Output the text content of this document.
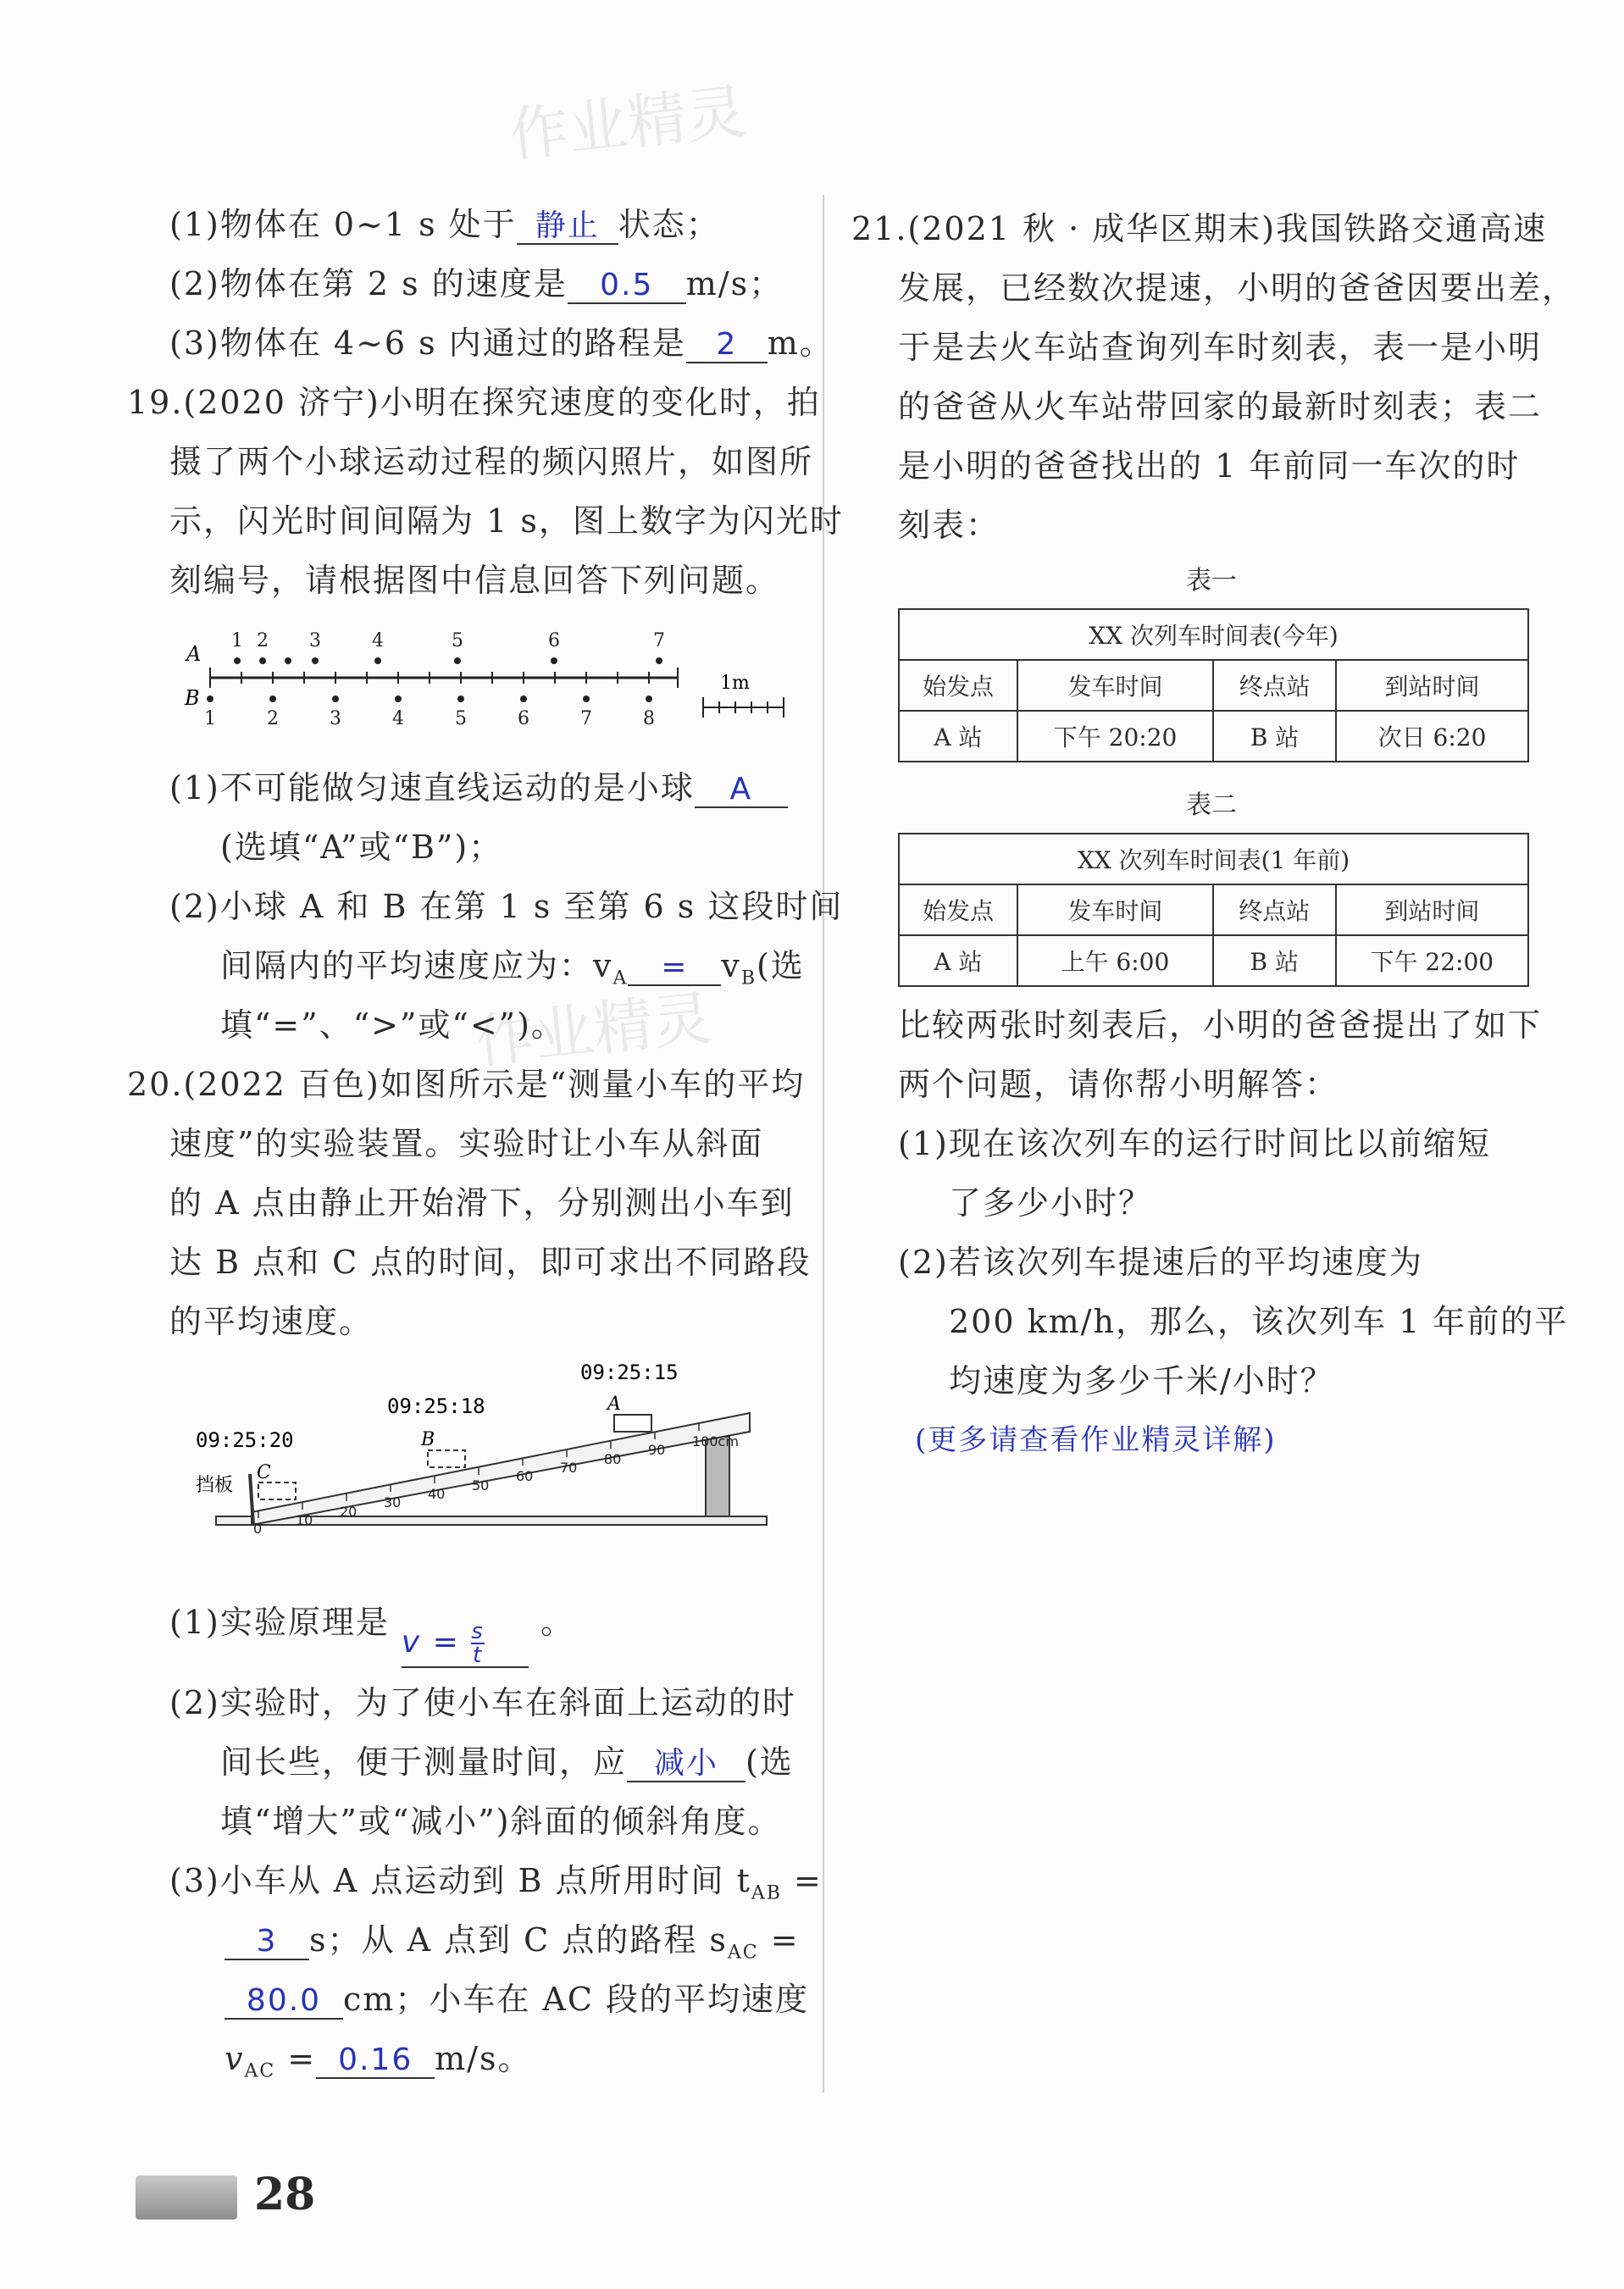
作业精灵
作业精灵
(1)物体在 0~1 s 处于 静止 状态；
(2)物体在第 2 s 的速度是 0.5 m/s；
(3)物体在 4~6 s 内通过的路程是 2 m。
19.(2020 济宁)小明在探究速度的变化时，拍
摄了两个小球运动过程的频闪照片，如图所
示，闪光时间间隔为 1 s，图上数字为闪光时
刻编号，请根据图中信息回答下列问题。
A
B
1 2 3	4	5	6	7
1	2	3	4	5	6	7	8
1m
(1)不可能做匀速直线运动的是小球 A
(选填“A”或“B”)；
(2)小球 A 和 B 在第 1 s 至第 6 s 这段时间
间隔内的平均速度应为：$v_A = v_B$(选
填“=”、“>”或“<”)。
20.(2022 百色)如图所示是“测量小车的平均
速度”的实验装置。实验时让小车从斜面
的 A 点由静止开始滑下，分别测出小车到
达 B 点和 C 点的时间，即可求出不同路段
的平均速度。
09:25:15
09:25:18
09:25:20
挡板
0
10
20
30
40
50
60
70
80
90
100cm
A
B
C
(1)实验原理是 $v = \frac{s}{t}$ 。
(2)实验时，为了使小车在斜面上运动的时
间长些，便于测量时间，应 减小 (选
填“增大”或“减小”)斜面的倾斜角度。
(3)小车从 A 点运动到 B 点所用时间 $t_{AB}$ =
3 s；从 A 点到 C 点的路程 $s_{AC}$ =
80.0 cm；小车在 AC 段的平均速度
$v_{AC} = 0.16$ m/s。
21.(2021 秋 · 成华区期末)我国铁路交通高速
发展，已经数次提速，小明的爸爸因要出差，
于是去火车站查询列车时刻表，表一是小明
的爸爸从火车站带回家的最新时刻表；表二
是小明的爸爸找出的 1 年前同一车次的时
刻表：
表一
XX 次列车时间表(今年)			
始发点	发车时间	终点站	到站时间
A 站	下午 20:20	B 站	次日 6:20
表二
XX 次列车时间表(1 年前)			
始发点	发车时间	终点站	到站时间
A 站	上午 6:00	B 站	下午 22:00
比较两张时刻表后，小明的爸爸提出了如下
两个问题，请你帮小明解答：
(1)现在该次列车的运行时间比以前缩短
了多少小时？
(2)若该次列车提速后的平均速度为
200 km/h，那么，该次列车 1 年前的平
均速度为多少千米/小时？
(更多请查看作业精灵详解)
28
